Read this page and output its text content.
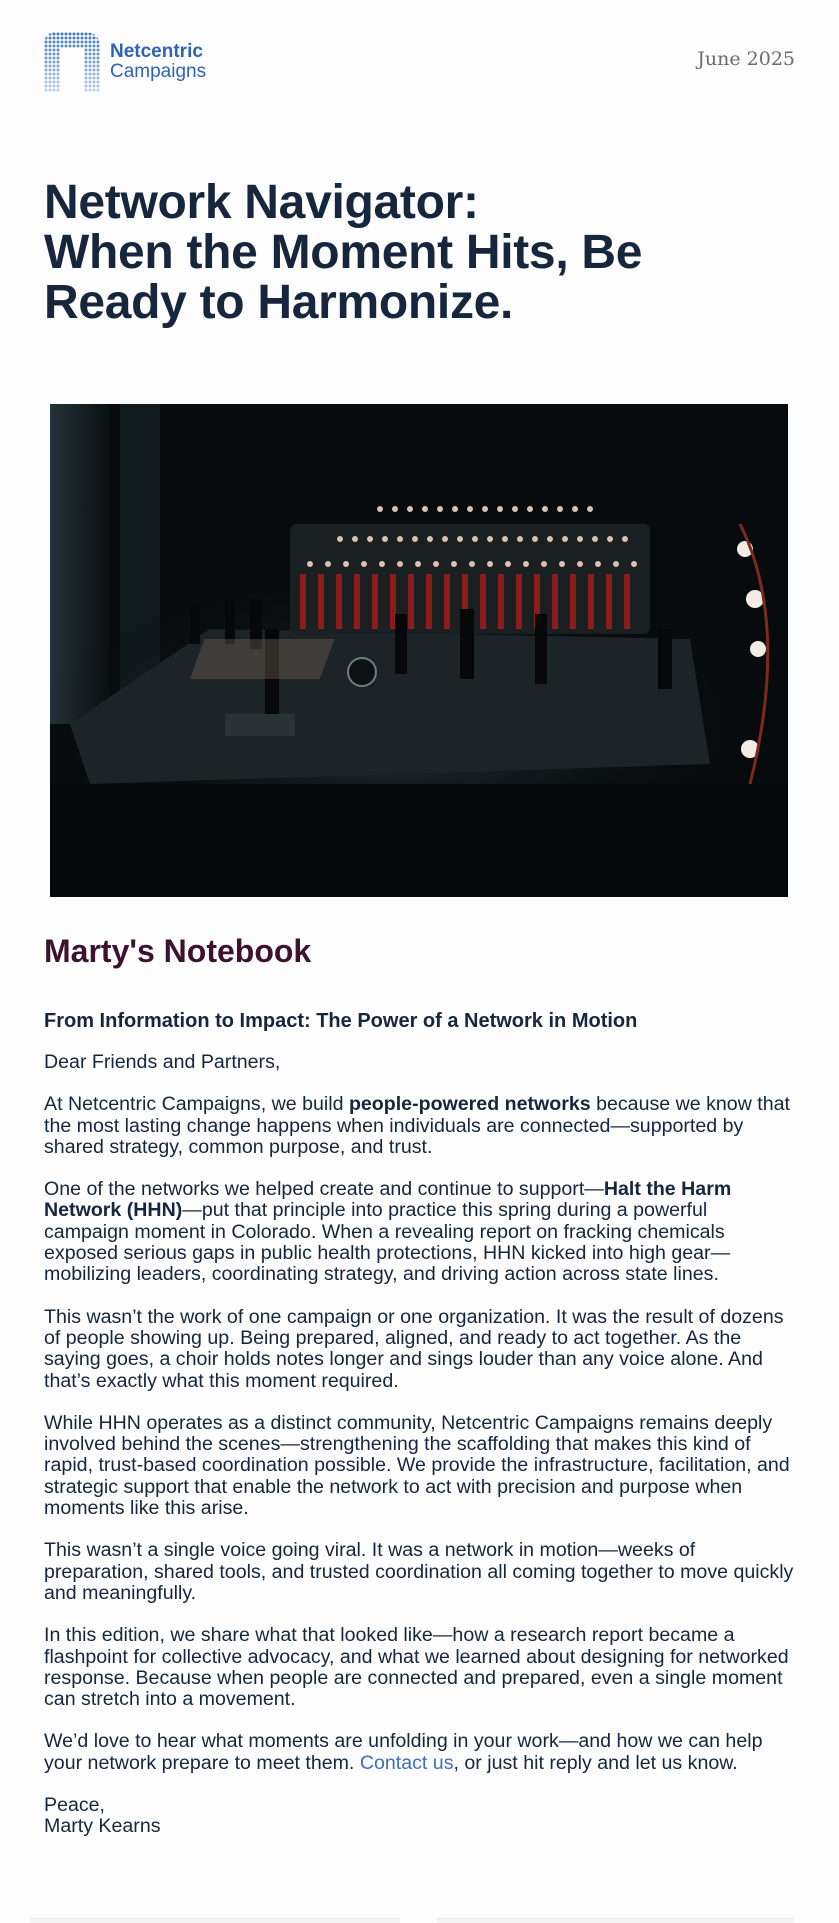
Netcentric
Campaigns
June 2025
Network Navigator:
When the Moment Hits, Be
Ready to Harmonize.
Marty's Notebook
From Information to Impact: The Power of a Network in Motion

Dear Friends and Partners,

At Netcentric Campaigns, we build people-powered networks because we know that the most lasting change happens when individuals are connected—supported by shared strategy, common purpose, and trust.

One of the networks we helped create and continue to support—Halt the Harm Network (HHN)—put that principle into practice this spring during a powerful campaign moment in Colorado. When a revealing report on fracking chemicals exposed serious gaps in public health protections, HHN kicked into high gear—mobilizing leaders, coordinating strategy, and driving action across state lines.

This wasn’t the work of one campaign or one organization. It was the result of dozens of people showing up. Being prepared, aligned, and ready to act together. As the saying goes, a choir holds notes longer and sings louder than any voice alone. And that’s exactly what this moment required.

While HHN operates as a distinct community, Netcentric Campaigns remains deeply involved behind the scenes—strengthening the scaffolding that makes this kind of rapid, trust-based coordination possible. We provide the infrastructure, facilitation, and strategic support that enable the network to act with precision and purpose when moments like this arise.

This wasn’t a single voice going viral. It was a network in motion—weeks of preparation, shared tools, and trusted coordination all coming together to move quickly and meaningfully.

In this edition, we share what that looked like—how a research report became a flashpoint for collective advocacy, and what we learned about designing for networked response. Because when people are connected and prepared, even a single moment can stretch into a movement.

We’d love to hear what moments are unfolding in your work—and how we can help your network prepare to meet them. Contact us, or just hit reply and let us know.

Peace,
Marty Kearns
